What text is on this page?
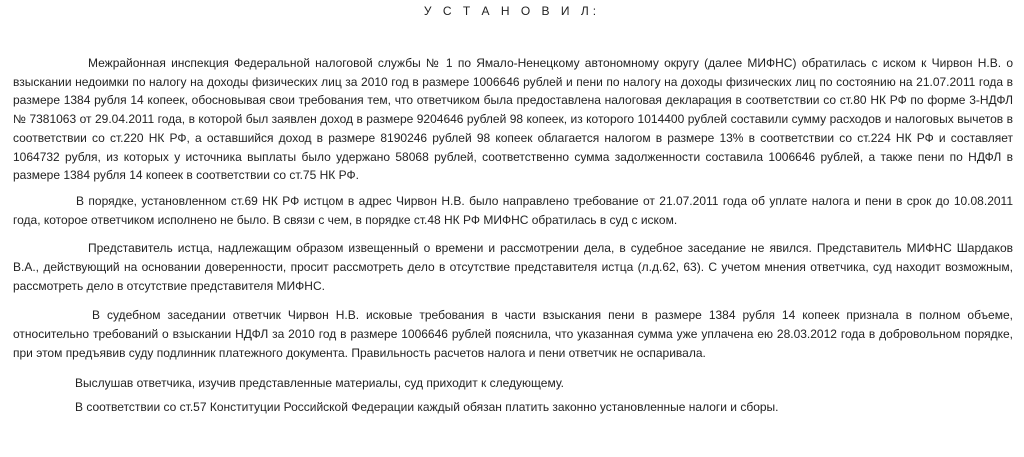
У С Т А Н О В И Л:

Межрайонная инспекция Федеральной налоговой службы № 1 по Ямало-Ненецкому автономному округу (далее МИФНС) обратилась с иском к Чирвон Н.В. о взыскании недоимки по налогу на доходы физических лиц за 2010 год в размере 1006646 рублей и пени по налогу на доходы физических лиц по состоянию на 21.07.2011 года в размере 1384 рубля 14 копеек, обосновывая свои требования тем, что ответчиком была предоставлена налоговая декларация в соответствии со ст.80 НК РФ по форме 3-НДФЛ № 7381063 от 29.04.2011 года, в которой был заявлен доход в размере 9204646 рублей 98 копеек, из которого 1014400 рублей составили сумму расходов и налоговых вычетов в соответствии со ст.220 НК РФ, а оставшийся доход в размере 8190246 рублей 98 копеек облагается налогом в размере 13% в соответствии со ст.224 НК РФ и составляет 1064732 рубля, из которых у источника выплаты было удержано 58068 рублей, соответственно сумма задолженности составила 1006646 рублей, а также пени по НДФЛ в размере 1384 рубля 14 копеек в соответствии со ст.75 НК РФ.

В порядке, установленном ст.69 НК РФ истцом в адрес Чирвон Н.В. было направлено требование от 21.07.2011 года об уплате налога и пени в срок до 10.08.2011 года, которое ответчиком исполнено не было. В связи с чем, в порядке ст.48 НК РФ МИФНС обратилась в суд с иском.

Представитель истца, надлежащим образом извещенный о времени и рассмотрении дела, в судебное заседание не явился. Представитель МИФНС Шардаков В.А., действующий на основании доверенности, просит рассмотреть дело в отсутствие представителя истца (л.д.62, 63). С учетом мнения ответчика, суд находит возможным, рассмотреть дело в отсутствие представителя МИФНС.

В судебном заседании ответчик Чирвон Н.В. исковые требования в части взыскания пени в размере 1384 рубля 14 копеек признала в полном объеме, относительно требований о взыскании НДФЛ за 2010 год в размере 1006646 рублей пояснила, что указанная сумма уже уплачена ею 28.03.2012 года в добровольном порядке, при этом предъявив суду подлинник платежного документа. Правильность расчетов налога и пени ответчик не оспаривала.

Выслушав ответчика, изучив представленные материалы, суд приходит к следующему.

В соответствии со ст.57 Конституции Российской Федерации каждый обязан платить законно установленные налоги и сборы.
